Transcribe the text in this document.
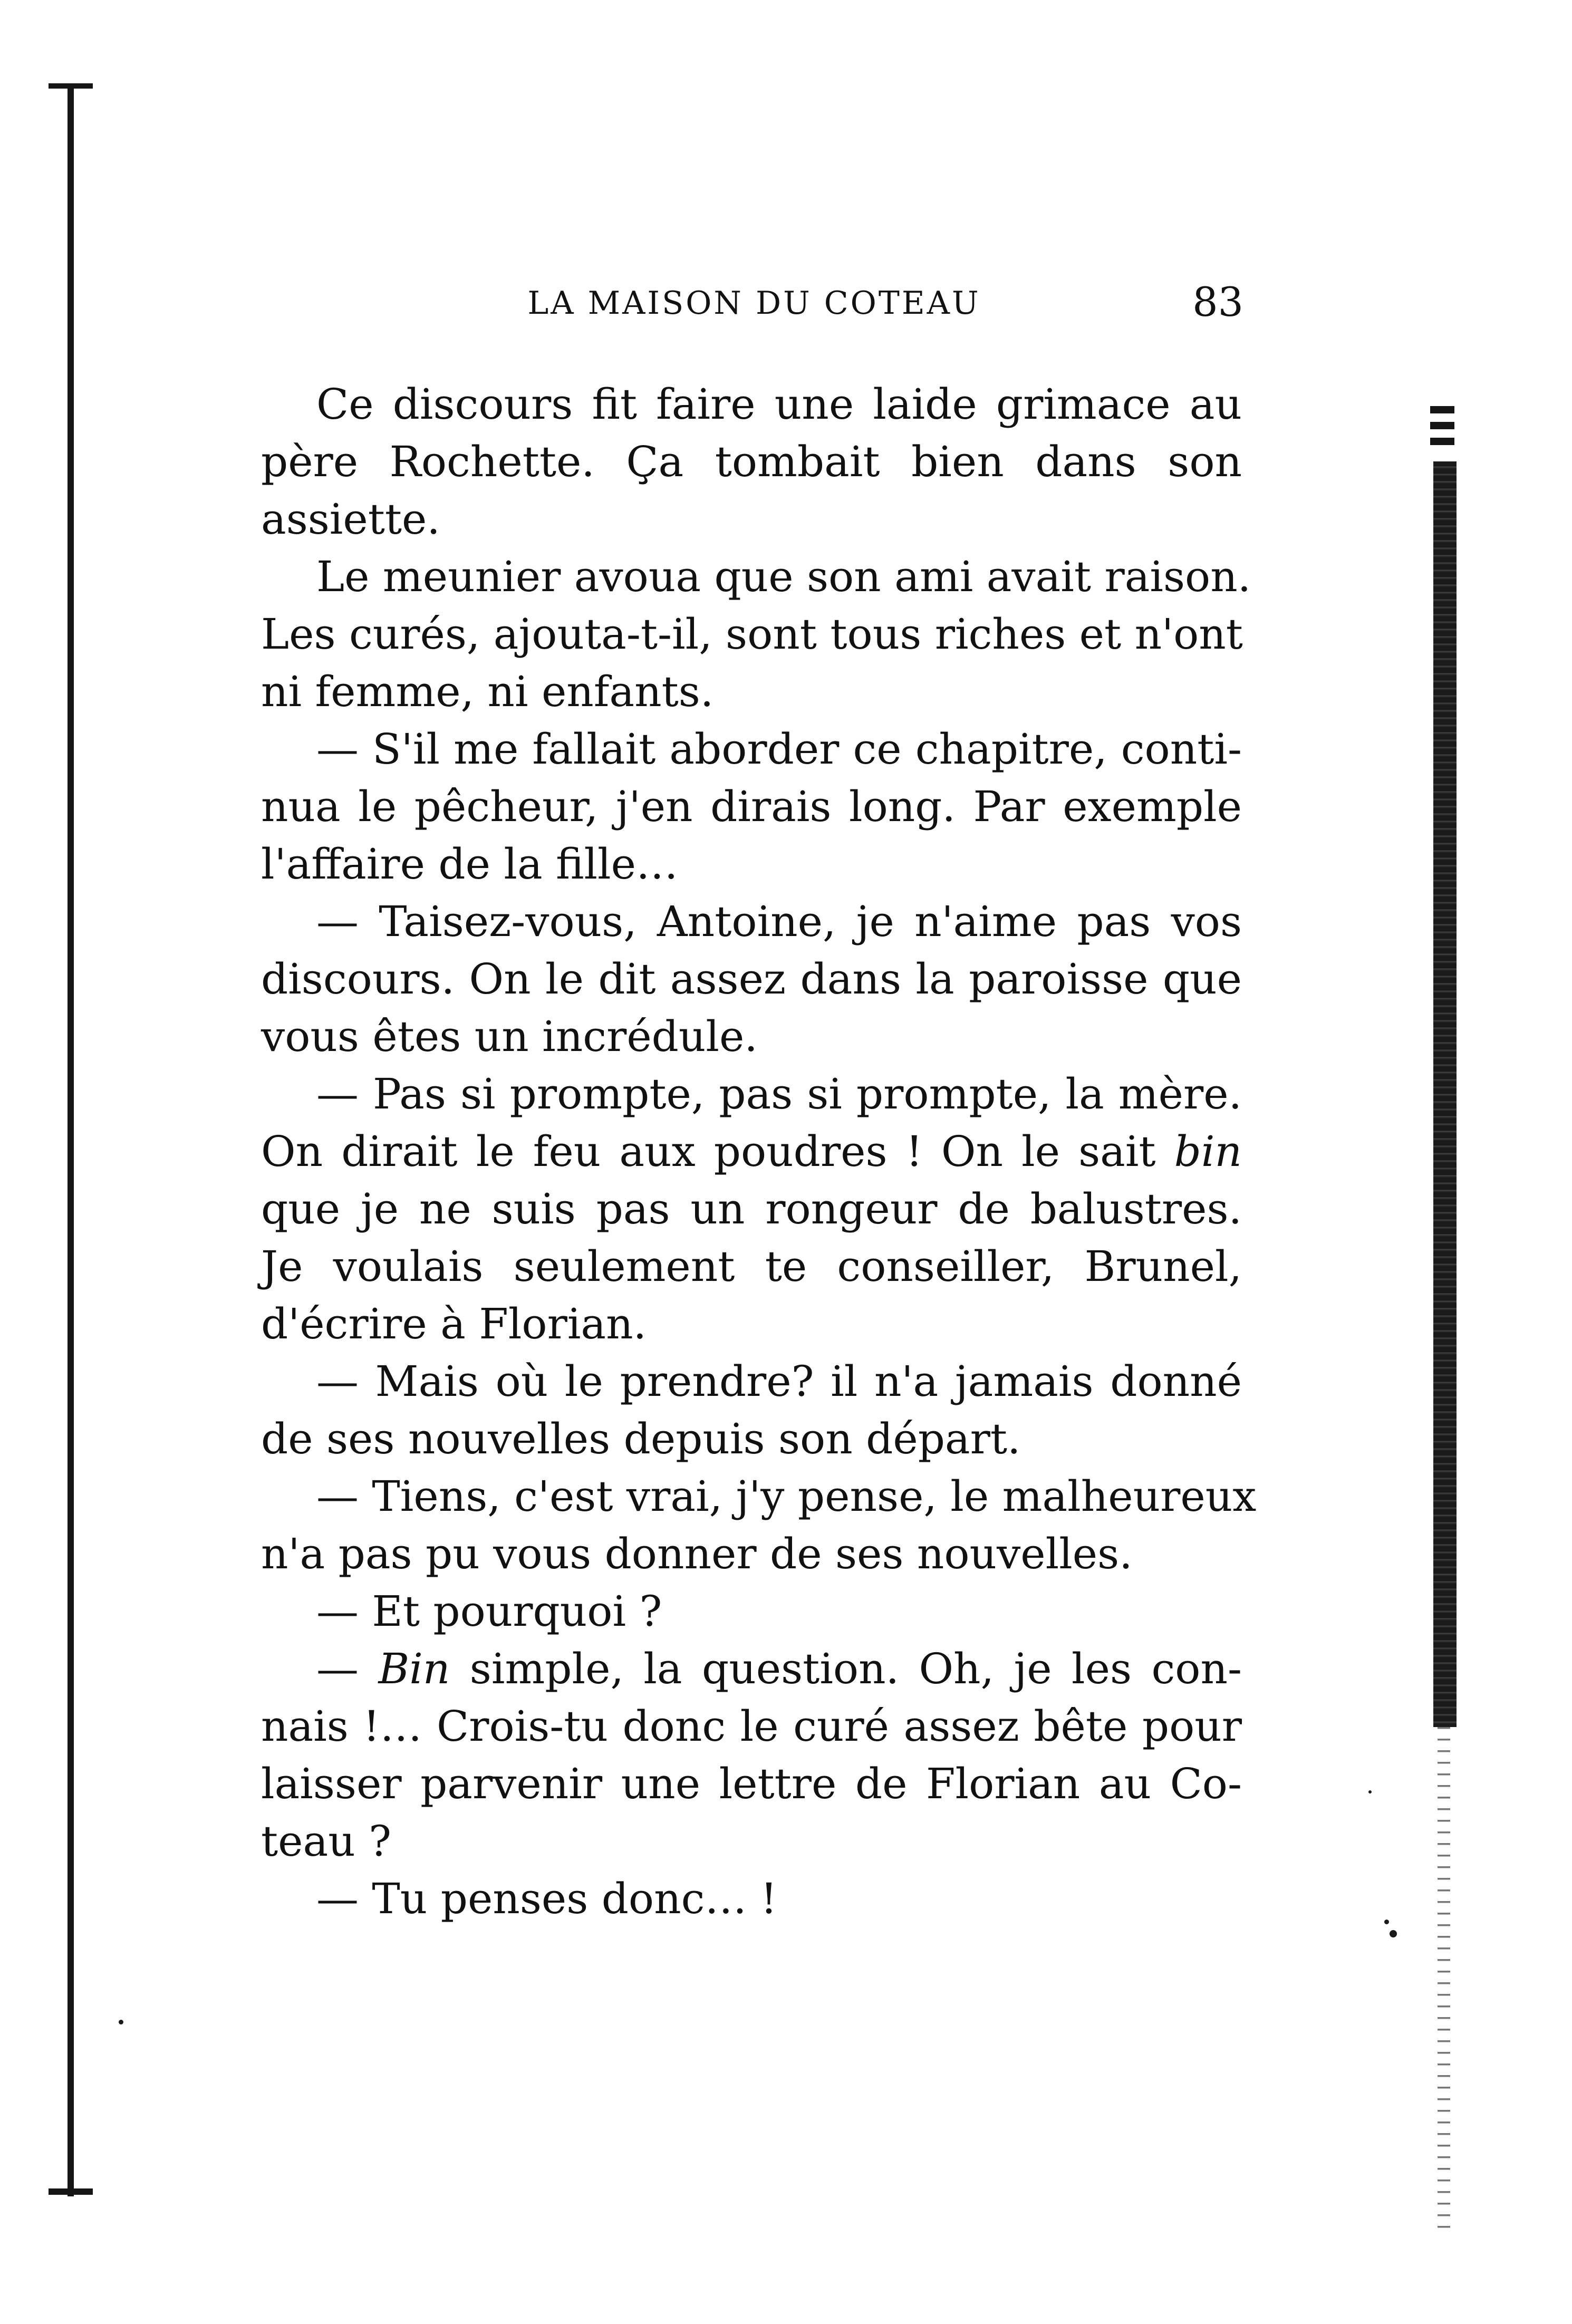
LA MAISON DU COTEAU	83
Ce discours fit faire une laide grimace au
père Rochette. Ça tombait bien dans son
assiette.
Le meunier avoua que son ami avait raison.
Les curés, ajouta-t-il, sont tous riches et n'ont
ni femme, ni enfants.
— S'il me fallait aborder ce chapitre, conti-
nua le pêcheur, j'en dirais long. Par exemple
l'affaire de la fille…
— Taisez-vous, Antoine, je n'aime pas vos
discours. On le dit assez dans la paroisse que
vous êtes un incrédule.
— Pas si prompte, pas si prompte, la mère.
On dirait le feu aux poudres ! On le sait bin
que je ne suis pas un rongeur de balustres.
Je voulais seulement te conseiller, Brunel,
d'écrire à Florian.
— Mais où le prendre? il n'a jamais donné
de ses nouvelles depuis son départ.
— Tiens, c'est vrai, j'y pense, le malheureux
n'a pas pu vous donner de ses nouvelles.
— Et pourquoi ?
— Bin simple, la question. Oh, je les con-
nais !… Crois-tu donc le curé assez bête pour
laisser parvenir une lettre de Florian au Co-
teau ?
— Tu penses donc… !
